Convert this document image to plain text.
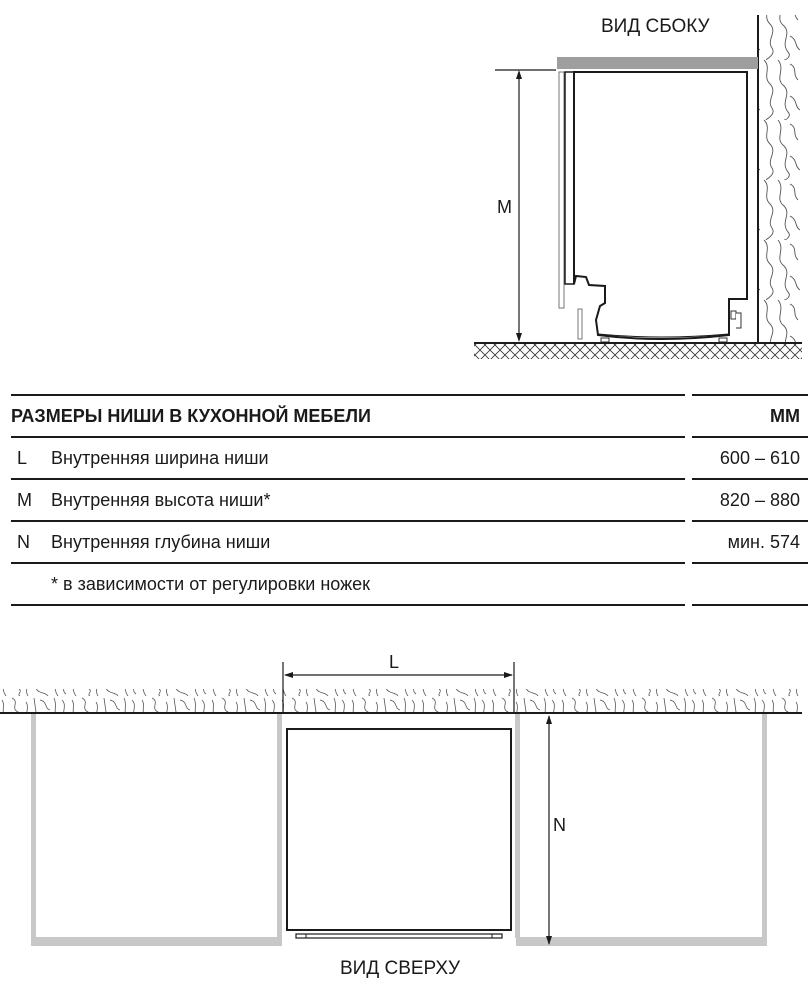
ВИД СБОКУ
M
РАЗМЕРЫ НИШИ В КУХОННОЙ МЕБЕЛИ	ММ
L Внутренняя ширина ниши	600 – 610
M Внутренняя высота ниши*	820 – 880
N Внутренняя глубина ниши	мин. 574
* в зависимости от регулировки ножек
L
N
ВИД СВЕРХУ
